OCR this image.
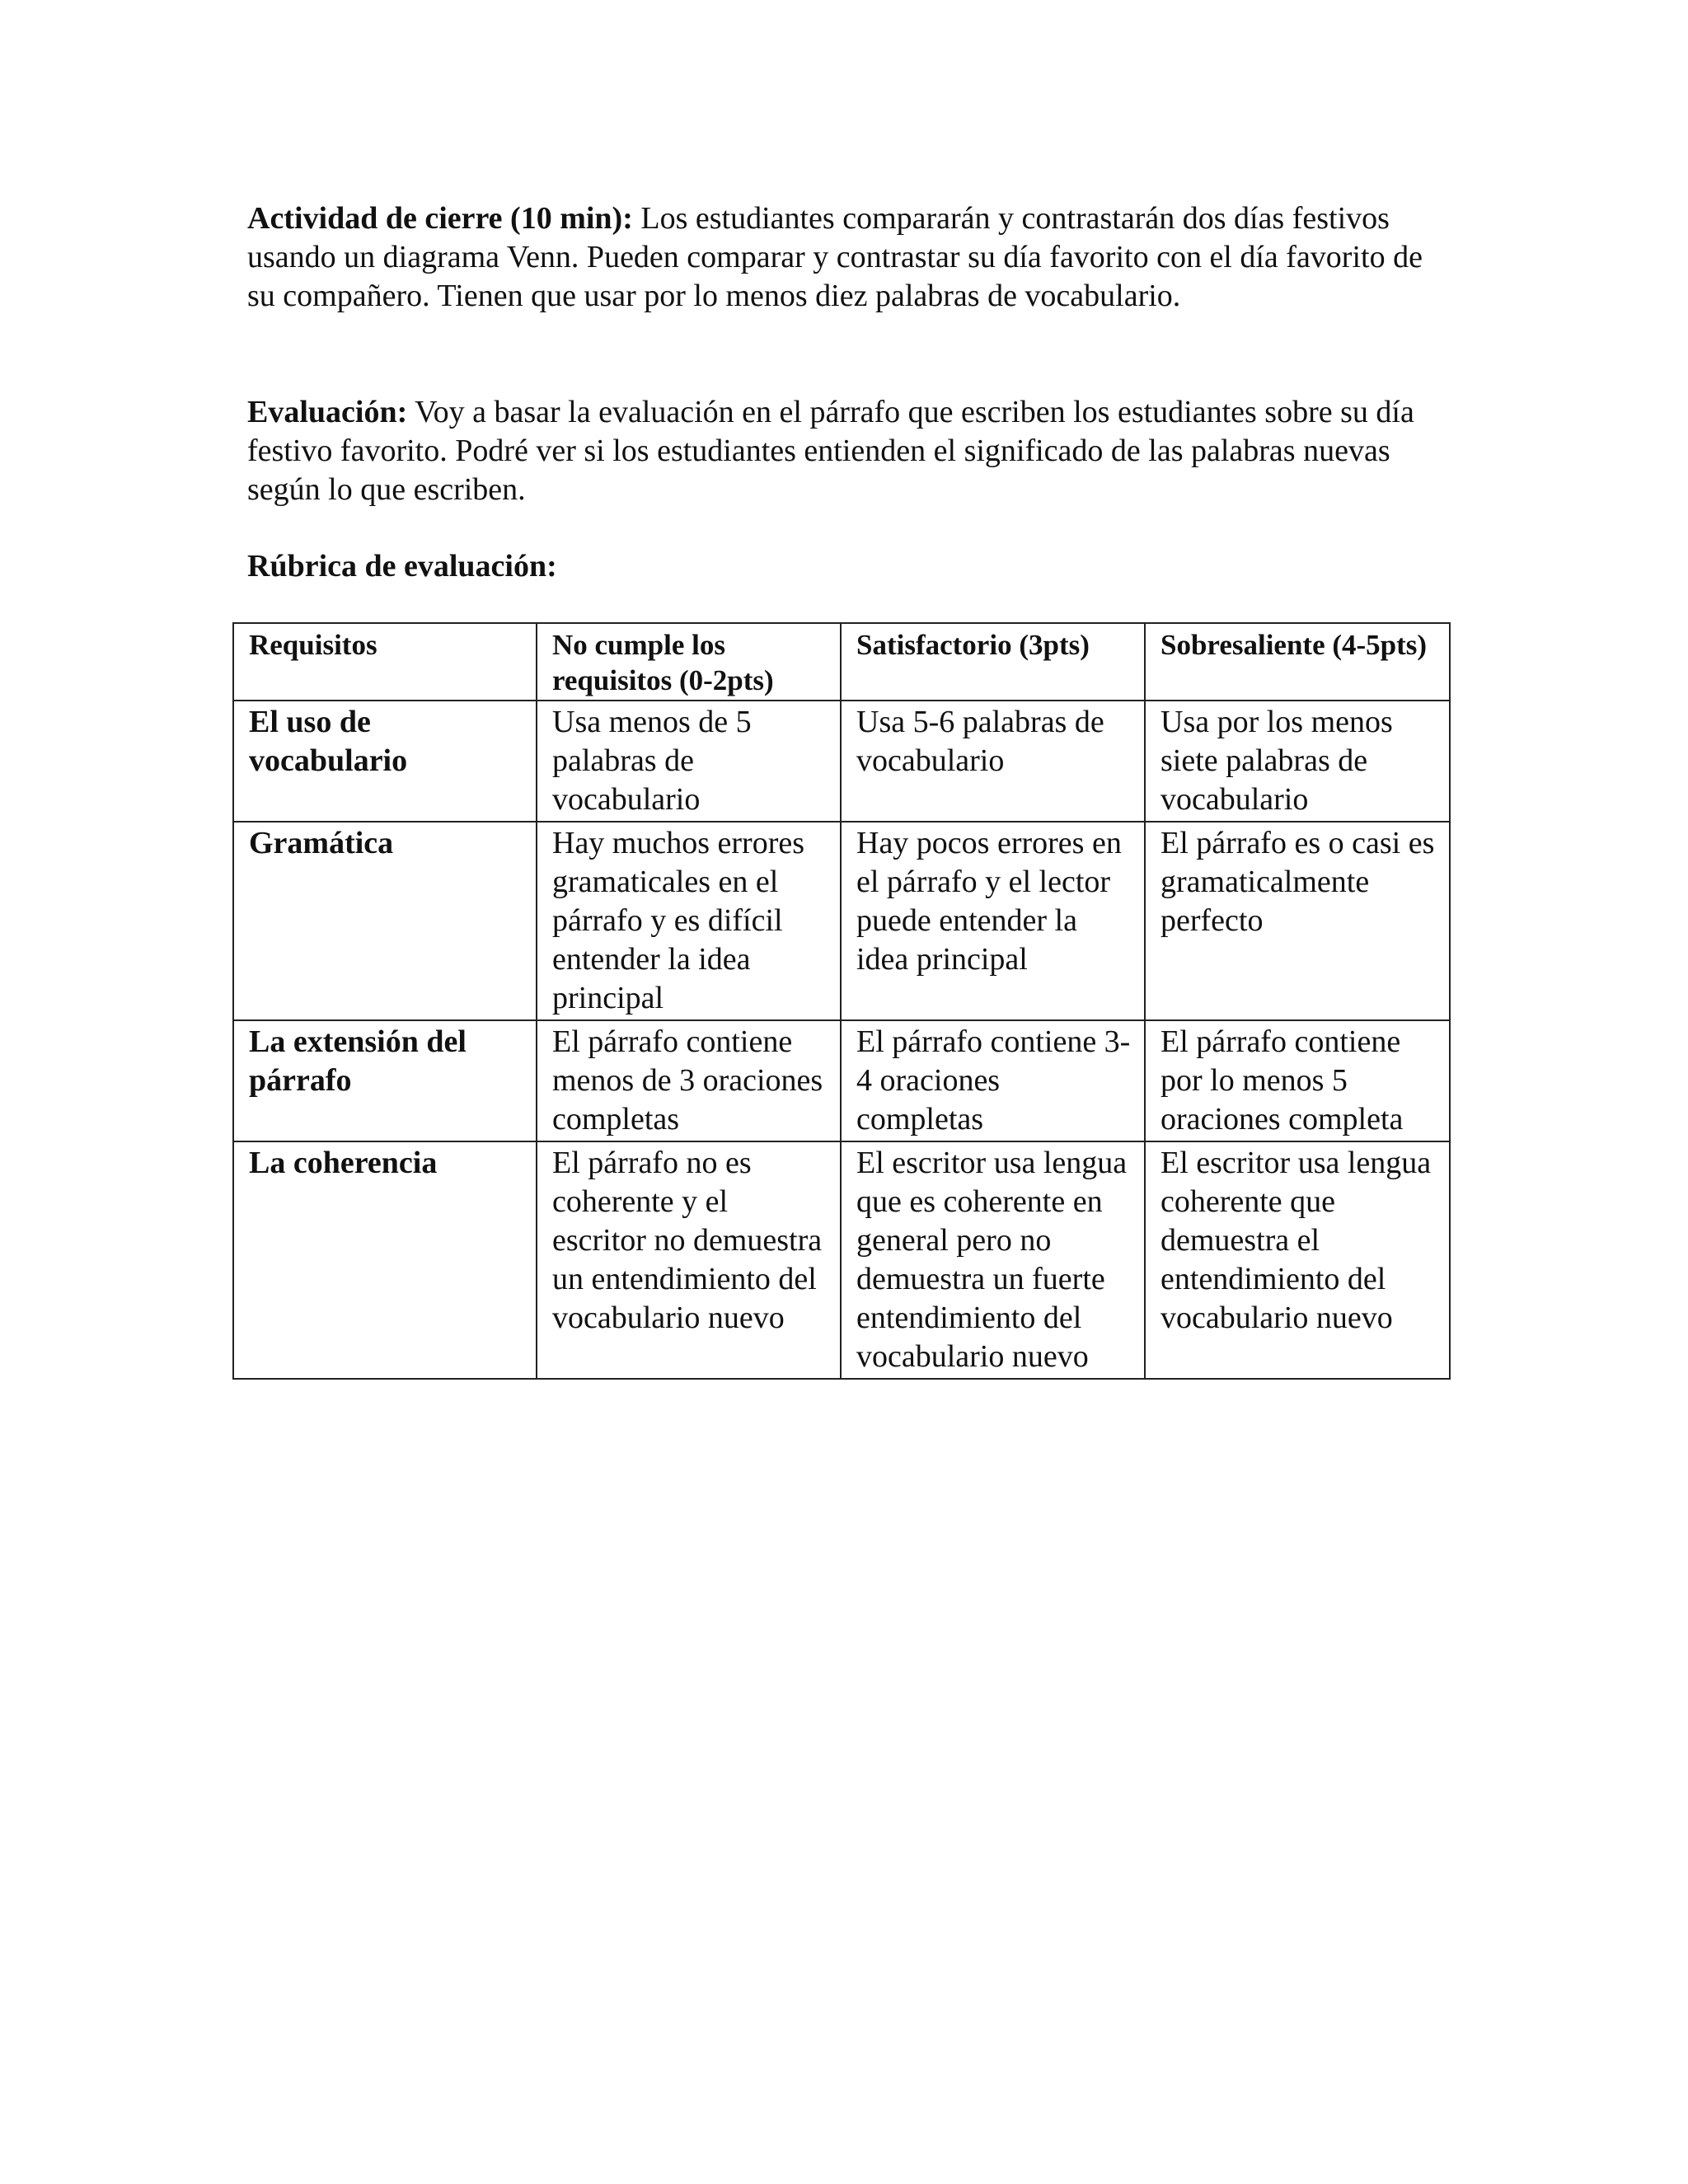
Actividad de cierre (10 min): Los estudiantes compararán y contrastarán dos días festivos usando un diagrama Venn. Pueden comparar y contrastar su día favorito con el día favorito de su compañero. Tienen que usar por lo menos diez palabras de vocabulario.

Evaluación: Voy a basar la evaluación en el párrafo que escriben los estudiantes sobre su día festivo favorito. Podré ver si los estudiantes entienden el significado de las palabras nuevas según lo que escriben.

Rúbrica de evaluación:

Requisitos	No cumple los requisitos (0-2pts)	Satisfactorio (3pts)	Sobresaliente (4-5pts)
El uso de vocabulario	Usa menos de 5 palabras de vocabulario	Usa 5-6 palabras de vocabulario	Usa por los menos siete palabras de vocabulario
Gramática	Hay muchos errores gramaticales en el párrafo y es difícil entender la idea principal	Hay pocos errores en el párrafo y el lector puede entender la idea principal	El párrafo es o casi es gramaticalmente perfecto
La extensión del párrafo	El párrafo contiene menos de 3 oraciones completas	El párrafo contiene 3-4 oraciones completas	El párrafo contiene por lo menos 5 oraciones completa
La coherencia	El párrafo no es coherente y el escritor no demuestra un entendimiento del vocabulario nuevo	El escritor usa lengua que es coherente en general pero no demuestra un fuerte entendimiento del vocabulario nuevo	El escritor usa lengua coherente que demuestra el entendimiento del vocabulario nuevo
